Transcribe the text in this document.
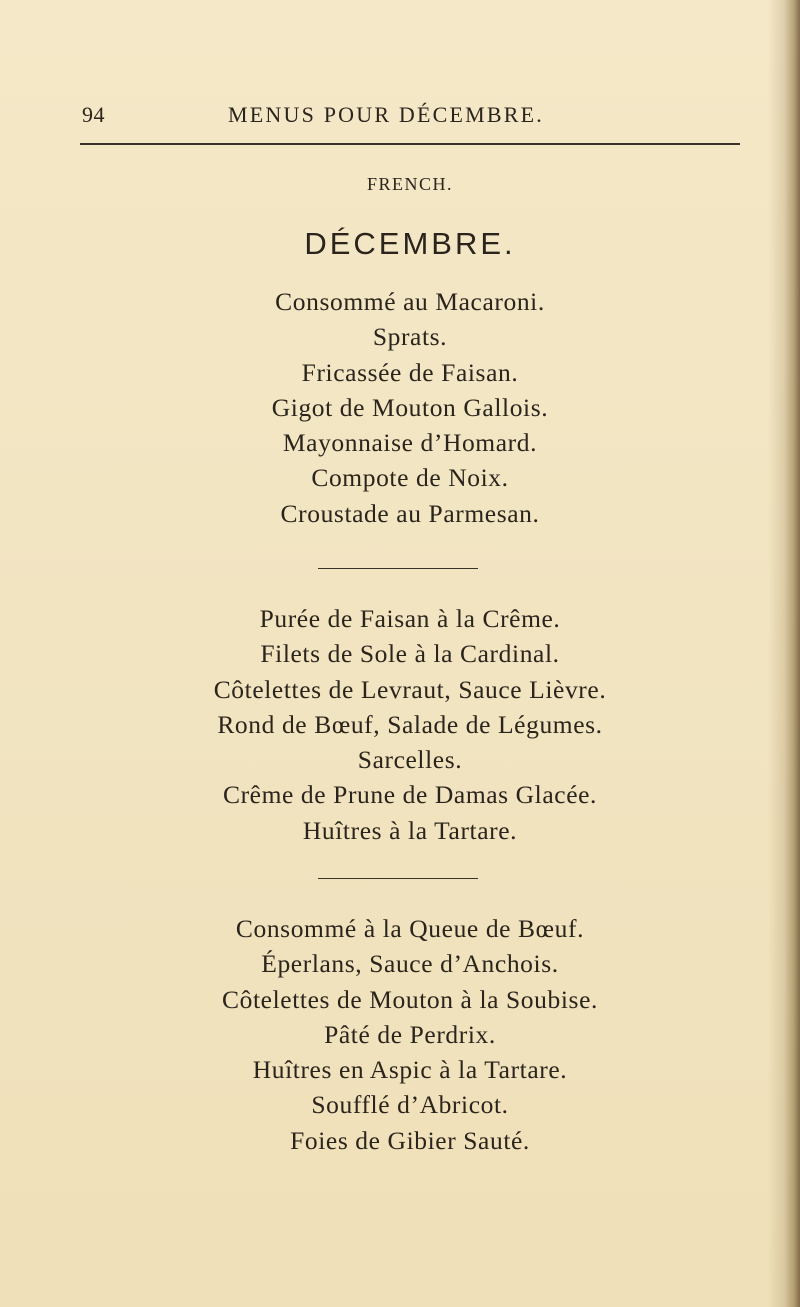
94	MENUS POUR DÉCEMBRE.
FRENCH.
DÉCEMBRE.
Consommé au Macaroni.
Sprats.
Fricassée de Faisan.
Gigot de Mouton Gallois.
Mayonnaise d’Homard.
Compote de Noix.
Croustade au Parmesan.
Purée de Faisan à la Crême.
Filets de Sole à la Cardinal.
Côtelettes de Levraut, Sauce Lièvre.
Rond de Bœuf, Salade de Légumes.
Sarcelles.
Crême de Prune de Damas Glacée.
Huîtres à la Tartare.
Consommé à la Queue de Bœuf.
Éperlans, Sauce d’Anchois.
Côtelettes de Mouton à la Soubise.
Pâté de Perdrix.
Huîtres en Aspic à la Tartare.
Soufflé d’Abricot.
Foies de Gibier Sauté.
